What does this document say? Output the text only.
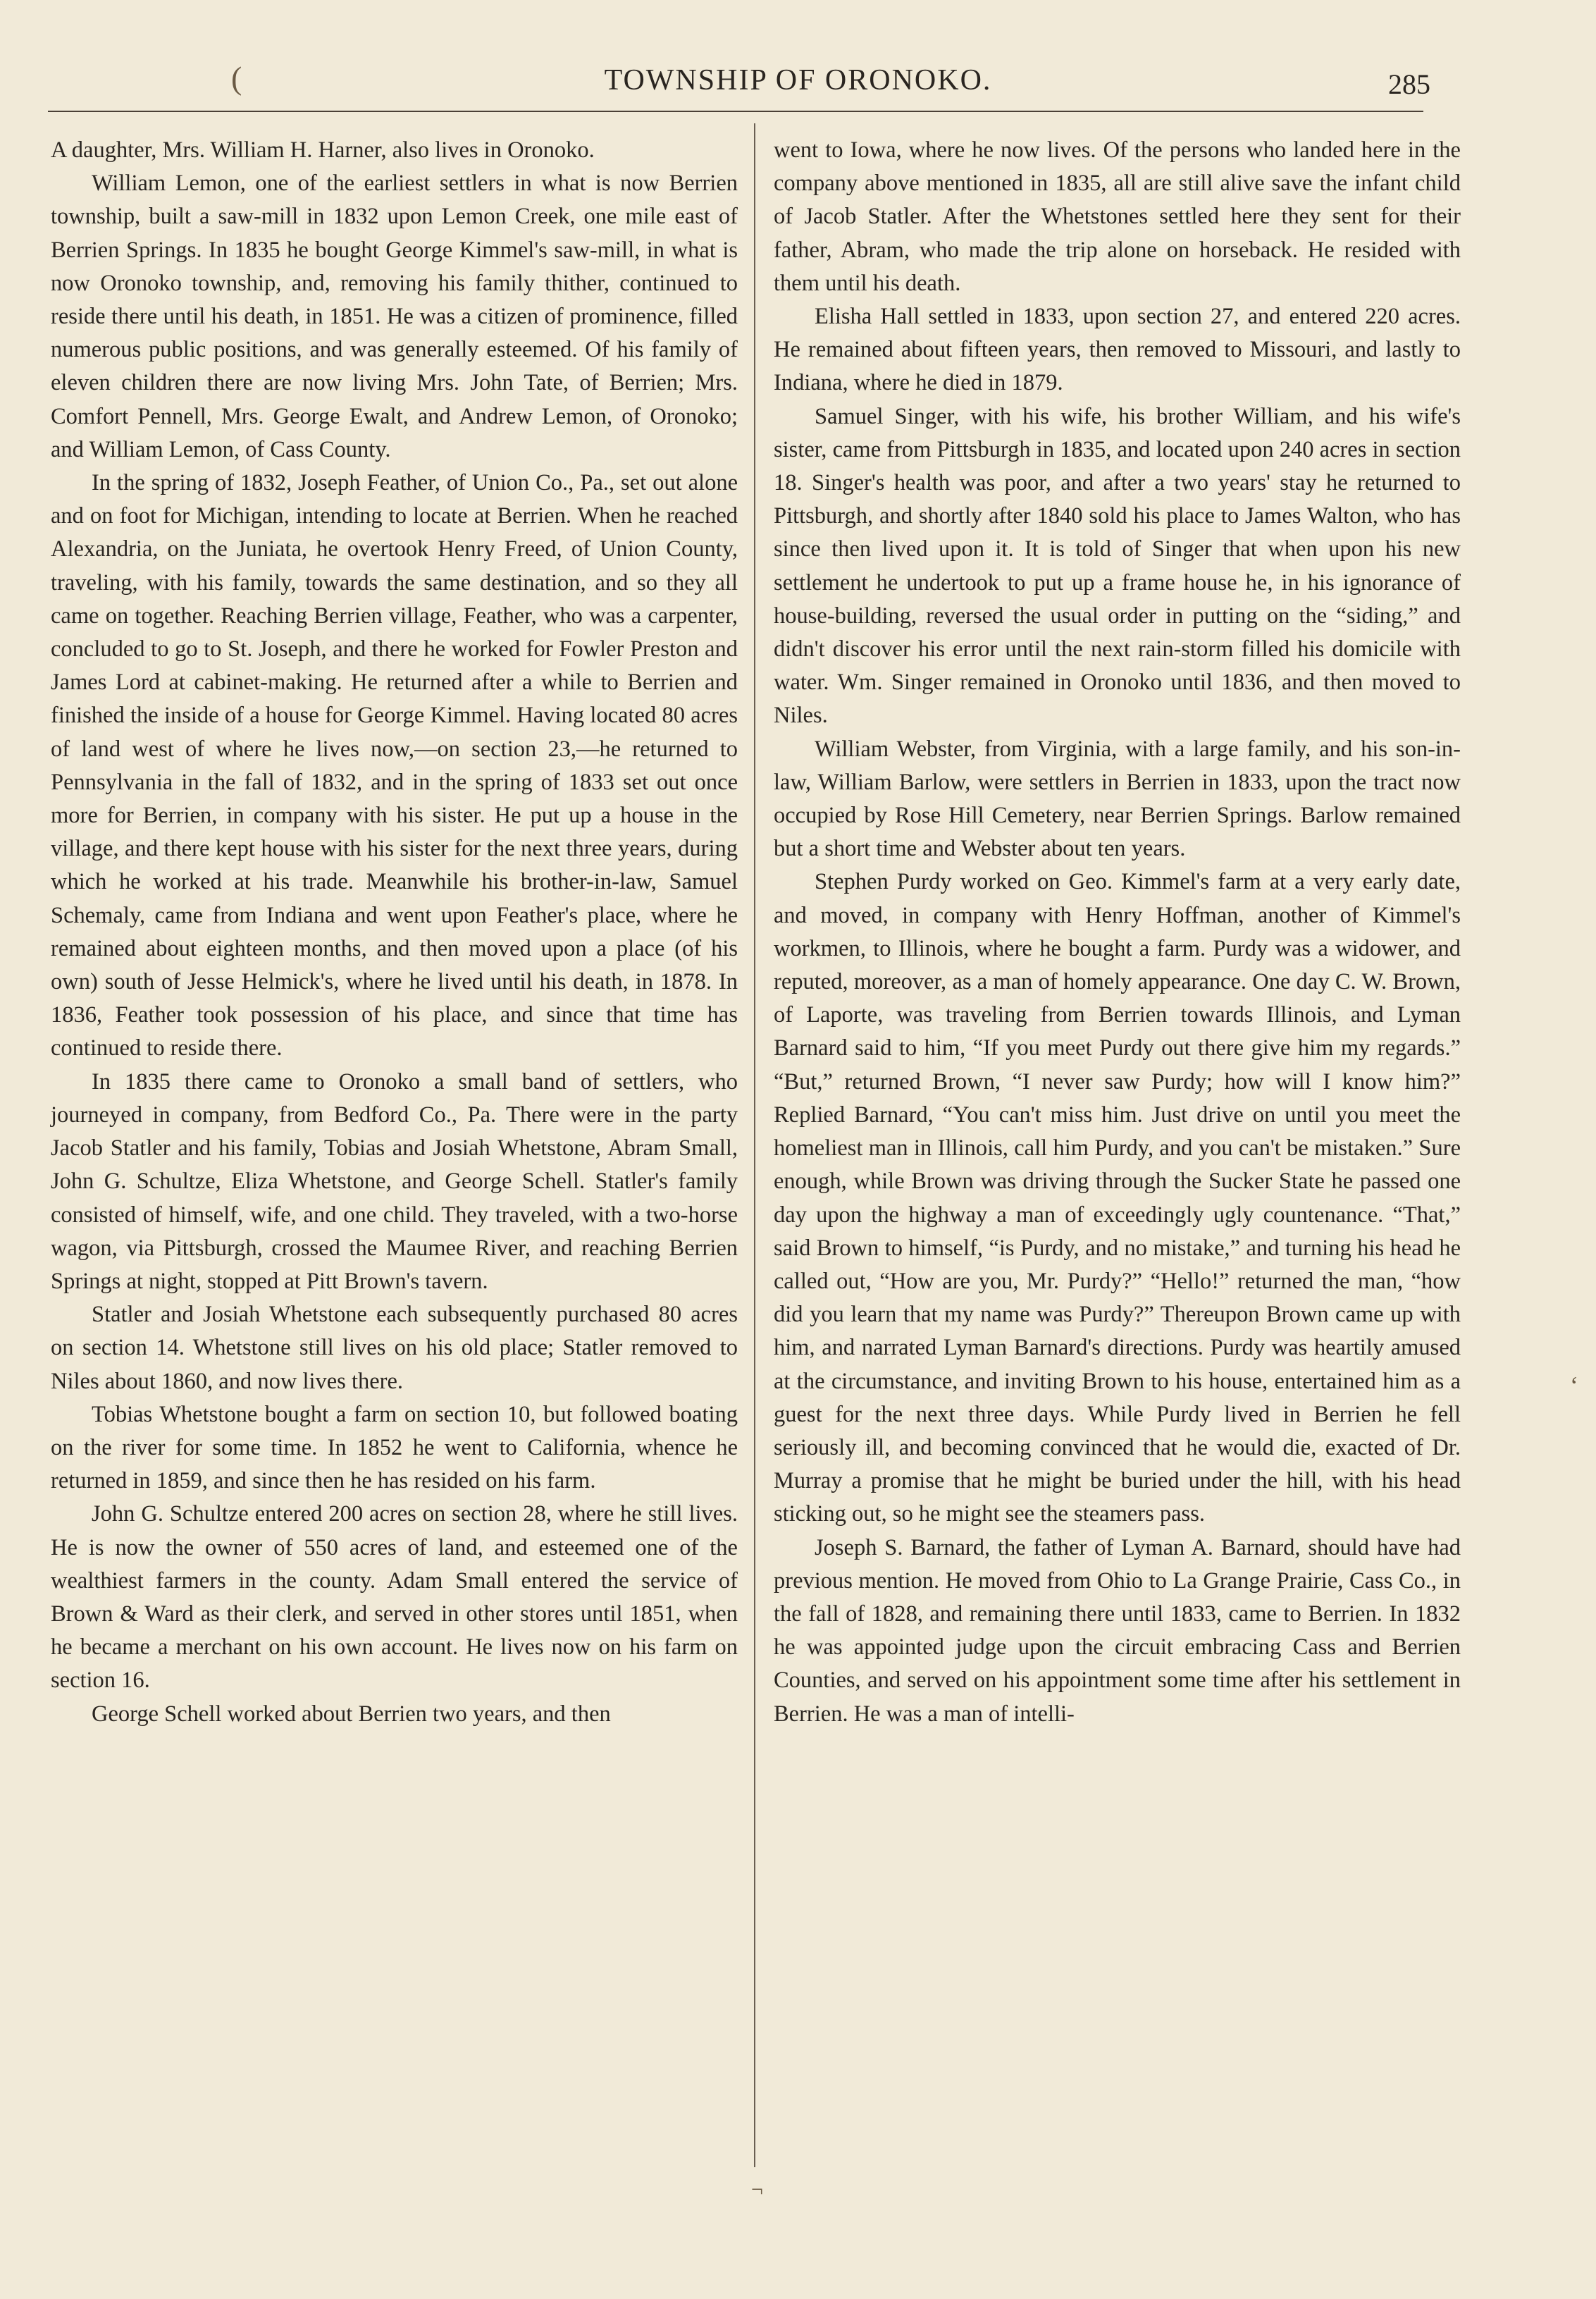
(	TOWNSHIP OF ORONOKO.	285

A daughter, Mrs. William H. Harner, also lives in Oronoko.

William Lemon, one of the earliest settlers in what is now Berrien township, built a saw-mill in 1832 upon Lemon Creek, one mile east of Berrien Springs. In 1835 he bought George Kimmel's saw-mill, in what is now Oronoko township, and, removing his family thither, continued to reside there until his death, in 1851. He was a citizen of prominence, filled numerous public positions, and was generally esteemed. Of his family of eleven children there are now living Mrs. John Tate, of Berrien; Mrs. Comfort Pennell, Mrs. George Ewalt, and Andrew Lemon, of Oronoko; and William Lemon, of Cass County.

In the spring of 1832, Joseph Feather, of Union Co., Pa., set out alone and on foot for Michigan, intending to locate at Berrien. When he reached Alexandria, on the Juniata, he overtook Henry Freed, of Union County, traveling, with his family, towards the same destination, and so they all came on together. Reaching Berrien village, Feather, who was a carpenter, concluded to go to St. Joseph, and there he worked for Fowler Preston and James Lord at cabinet-making. He returned after a while to Berrien and finished the inside of a house for George Kimmel. Having located 80 acres of land west of where he lives now,—on section 23,—he returned to Pennsylvania in the fall of 1832, and in the spring of 1833 set out once more for Berrien, in company with his sister. He put up a house in the village, and there kept house with his sister for the next three years, during which he worked at his trade. Meanwhile his brother-in-law, Samuel Schemaly, came from Indiana and went upon Feather's place, where he remained about eighteen months, and then moved upon a place (of his own) south of Jesse Helmick's, where he lived until his death, in 1878. In 1836, Feather took possession of his place, and since that time has continued to reside there.

In 1835 there came to Oronoko a small band of settlers, who journeyed in company, from Bedford Co., Pa. There were in the party Jacob Statler and his family, Tobias and Josiah Whetstone, Abram Small, John G. Schultze, Eliza Whetstone, and George Schell. Statler's family consisted of himself, wife, and one child. They traveled, with a two-horse wagon, via Pittsburgh, crossed the Maumee River, and reaching Berrien Springs at night, stopped at Pitt Brown's tavern.

Statler and Josiah Whetstone each subsequently purchased 80 acres on section 14. Whetstone still lives on his old place; Statler removed to Niles about 1860, and now lives there.

Tobias Whetstone bought a farm on section 10, but followed boating on the river for some time. In 1852 he went to California, whence he returned in 1859, and since then he has resided on his farm.

John G. Schultze entered 200 acres on section 28, where he still lives. He is now the owner of 550 acres of land, and esteemed one of the wealthiest farmers in the county. Adam Small entered the service of Brown & Ward as their clerk, and served in other stores until 1851, when he became a merchant on his own account. He lives now on his farm on section 16.

George Schell worked about Berrien two years, and then

went to Iowa, where he now lives. Of the persons who landed here in the company above mentioned in 1835, all are still alive save the infant child of Jacob Statler. After the Whetstones settled here they sent for their father, Abram, who made the trip alone on horseback. He resided with them until his death.

Elisha Hall settled in 1833, upon section 27, and entered 220 acres. He remained about fifteen years, then removed to Missouri, and lastly to Indiana, where he died in 1879.

Samuel Singer, with his wife, his brother William, and his wife's sister, came from Pittsburgh in 1835, and located upon 240 acres in section 18. Singer's health was poor, and after a two years' stay he returned to Pittsburgh, and shortly after 1840 sold his place to James Walton, who has since then lived upon it. It is told of Singer that when upon his new settlement he undertook to put up a frame house he, in his ignorance of house-building, reversed the usual order in putting on the “siding,” and didn't discover his error until the next rain-storm filled his domicile with water. Wm. Singer remained in Oronoko until 1836, and then moved to Niles.

William Webster, from Virginia, with a large family, and his son-in-law, William Barlow, were settlers in Berrien in 1833, upon the tract now occupied by Rose Hill Cemetery, near Berrien Springs. Barlow remained but a short time and Webster about ten years.

Stephen Purdy worked on Geo. Kimmel's farm at a very early date, and moved, in company with Henry Hoffman, another of Kimmel's workmen, to Illinois, where he bought a farm. Purdy was a widower, and reputed, moreover, as a man of homely appearance. One day C. W. Brown, of Laporte, was traveling from Berrien towards Illinois, and Lyman Barnard said to him, “If you meet Purdy out there give him my regards.” “But,” returned Brown, “I never saw Purdy; how will I know him?” Replied Barnard, “You can't miss him. Just drive on until you meet the homeliest man in Illinois, call him Purdy, and you can't be mistaken.” Sure enough, while Brown was driving through the Sucker State he passed one day upon the highway a man of exceedingly ugly countenance. “That,” said Brown to himself, “is Purdy, and no mistake,” and turning his head he called out, “How are you, Mr. Purdy?” “Hello!” returned the man, “how did you learn that my name was Purdy?” Thereupon Brown came up with him, and narrated Lyman Barnard's directions. Purdy was heartily amused at the circumstance, and inviting Brown to his house, entertained him as a guest for the next three days. While Purdy lived in Berrien he fell seriously ill, and becoming convinced that he would die, exacted of Dr. Murray a promise that he might be buried under the hill, with his head sticking out, so he might see the steamers pass.

Joseph S. Barnard, the father of Lyman A. Barnard, should have had previous mention. He moved from Ohio to La Grange Prairie, Cass Co., in the fall of 1828, and remaining there until 1833, came to Berrien. In 1832 he was appointed judge upon the circuit embracing Cass and Berrien Counties, and served on his appointment some time after his settlement in Berrien. He was a man of intelli-

‘
¬
